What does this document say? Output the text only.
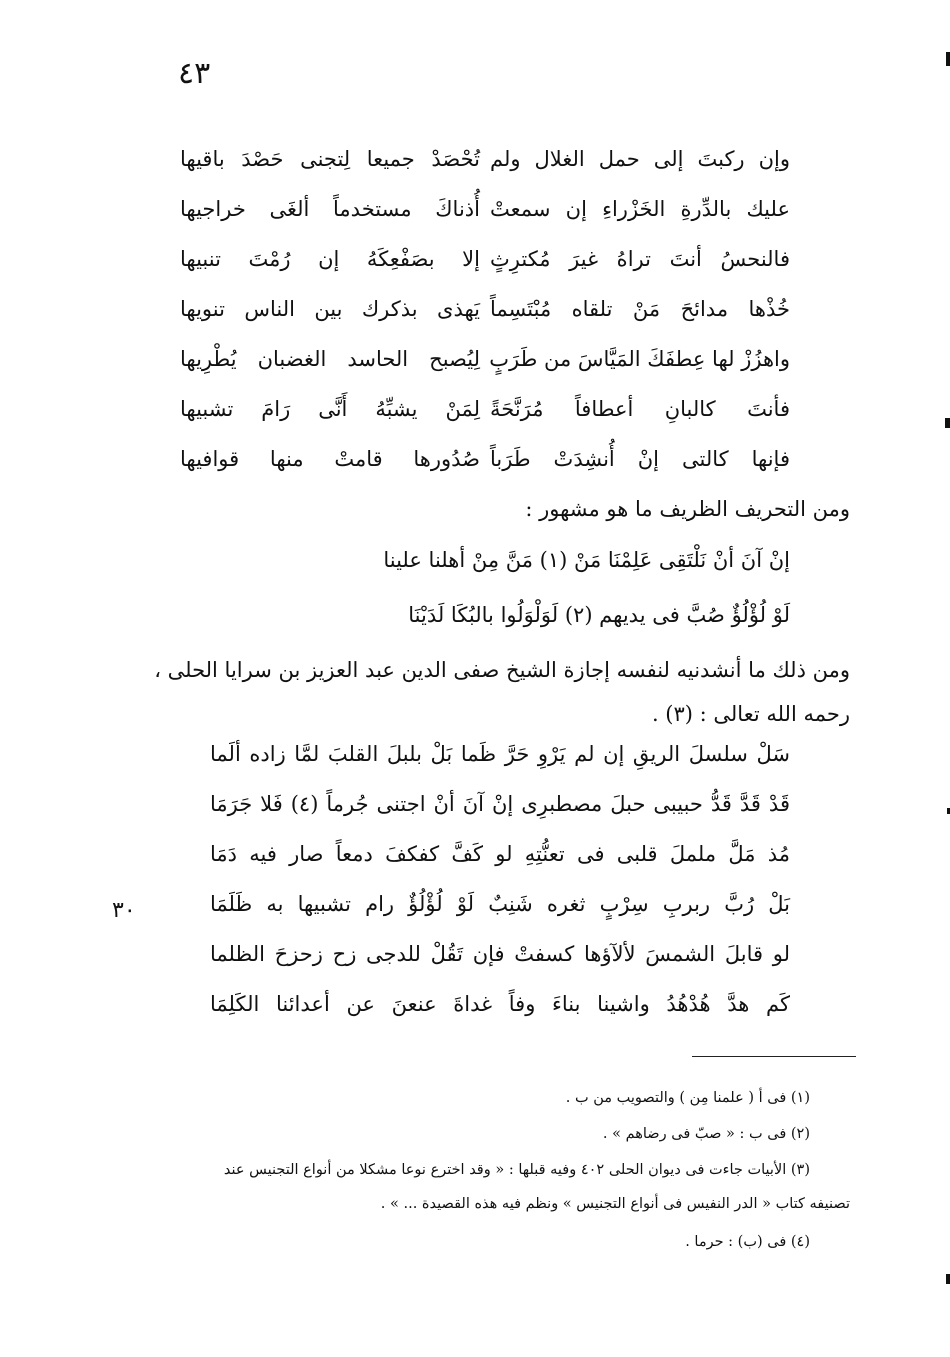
٤٣
٣٠
وإن ركبتَ إلى حمل الغلال ولم
تُحْصَدْ جميعا لِتجنى حَصْدَ باقيها
عليك بالدِّرةِ الخَزْراءِ إن سمعتْ
أُذناكَ مستخدماً ألغَى خراجيها
فالنحسُ أنتَ تراهُ غيرَ مُكترِثٍ
إلا بصَفْعِكَهُ إن رُمْتَ تنبيها
خُذْها مدائحَ مَنْ تلقاه مُبْتَسِماً
يَهذى بذكرك بين الناس تنويها
واهزُزْ لها عِطفَكَ المَيَّاسَ من طَرَبٍ
لِيُصبح الحاسد الغضبان يُطْرِيها
فأنتَ كالبانِ أعطافاً مُرَنَّحَةً
لِمَنْ يشبِّهُ أَنَّى رَامَ تشبيها
فإنها كالتى إنْ أُنشِدَتْ طَرَباً
صُدُورها قامتْ منها قوافيها
ومن التحريف الظريف ما هو مشهور :
إنْ آنَ أنْ نَلْتَقِى عَلِمْنَا مَنْ (١) مَنَّ مِنْ أهلنا علينا
لَوْ لُؤْلُؤٌ صُبَّ فى يديهم (٢) لَوَلْوَلُوا بالبُكَا لَدَيْنَا
ومن ذلك ما أنشدنيه لنفسه إجازة الشيخ صفى الدين عبد العزيز بن سرايا الحلى ،
رحمه الله تعالى : (٣) .
سَلْ سلسلَ الريقِ إن لم يَرْوِ حَرَّ ظَما بَلْ بلبلَ القلبَ لمَّا زاده ألَما
قَدْ قَدَّ قَدُّ حبيبى حبلَ مصطبرِى إنْ آنَ أنْ اجتنى جُرماً (٤) فَلا جَرَمَا
مُذ مَلَّ ململَ قلبى فى تعنُّتِهِ لو كَفَّ كفكفَ دمعاً صار فيه دَمَا
بَلْ رُبَّ ربربِ سِرْبٍ ثغره شَنِبٌ لَوْ لُؤْلُؤٌ رام تشبيها به ظَلَمَا
لو قابلَ الشمسَ لألآؤها كسفتْ فإن تَقُلْ للدجى زح زحزحَ الظلما
كَم هدَّ هُدْهُدُ واشينا بناءَ وفاً غداةَ عنعنَ عن أعدائنا الكَلِمَا
(١) فى أ ( علمنا مِن ) والتصويب من ب .
(٢) فى ب : « صبّ فى رضاهم » .
(٣) الأبيات جاءت فى ديوان الحلى ٤٠٢ وفيه قبلها : « وقد اخترع نوعا مشكلا من أنواع التجنيس عند
تصنيفه كتاب « الدر النفيس فى أنواع التجنيس » ونظم فيه هذه القصيدة ... » .
(٤) فى (ب) : حرما .
